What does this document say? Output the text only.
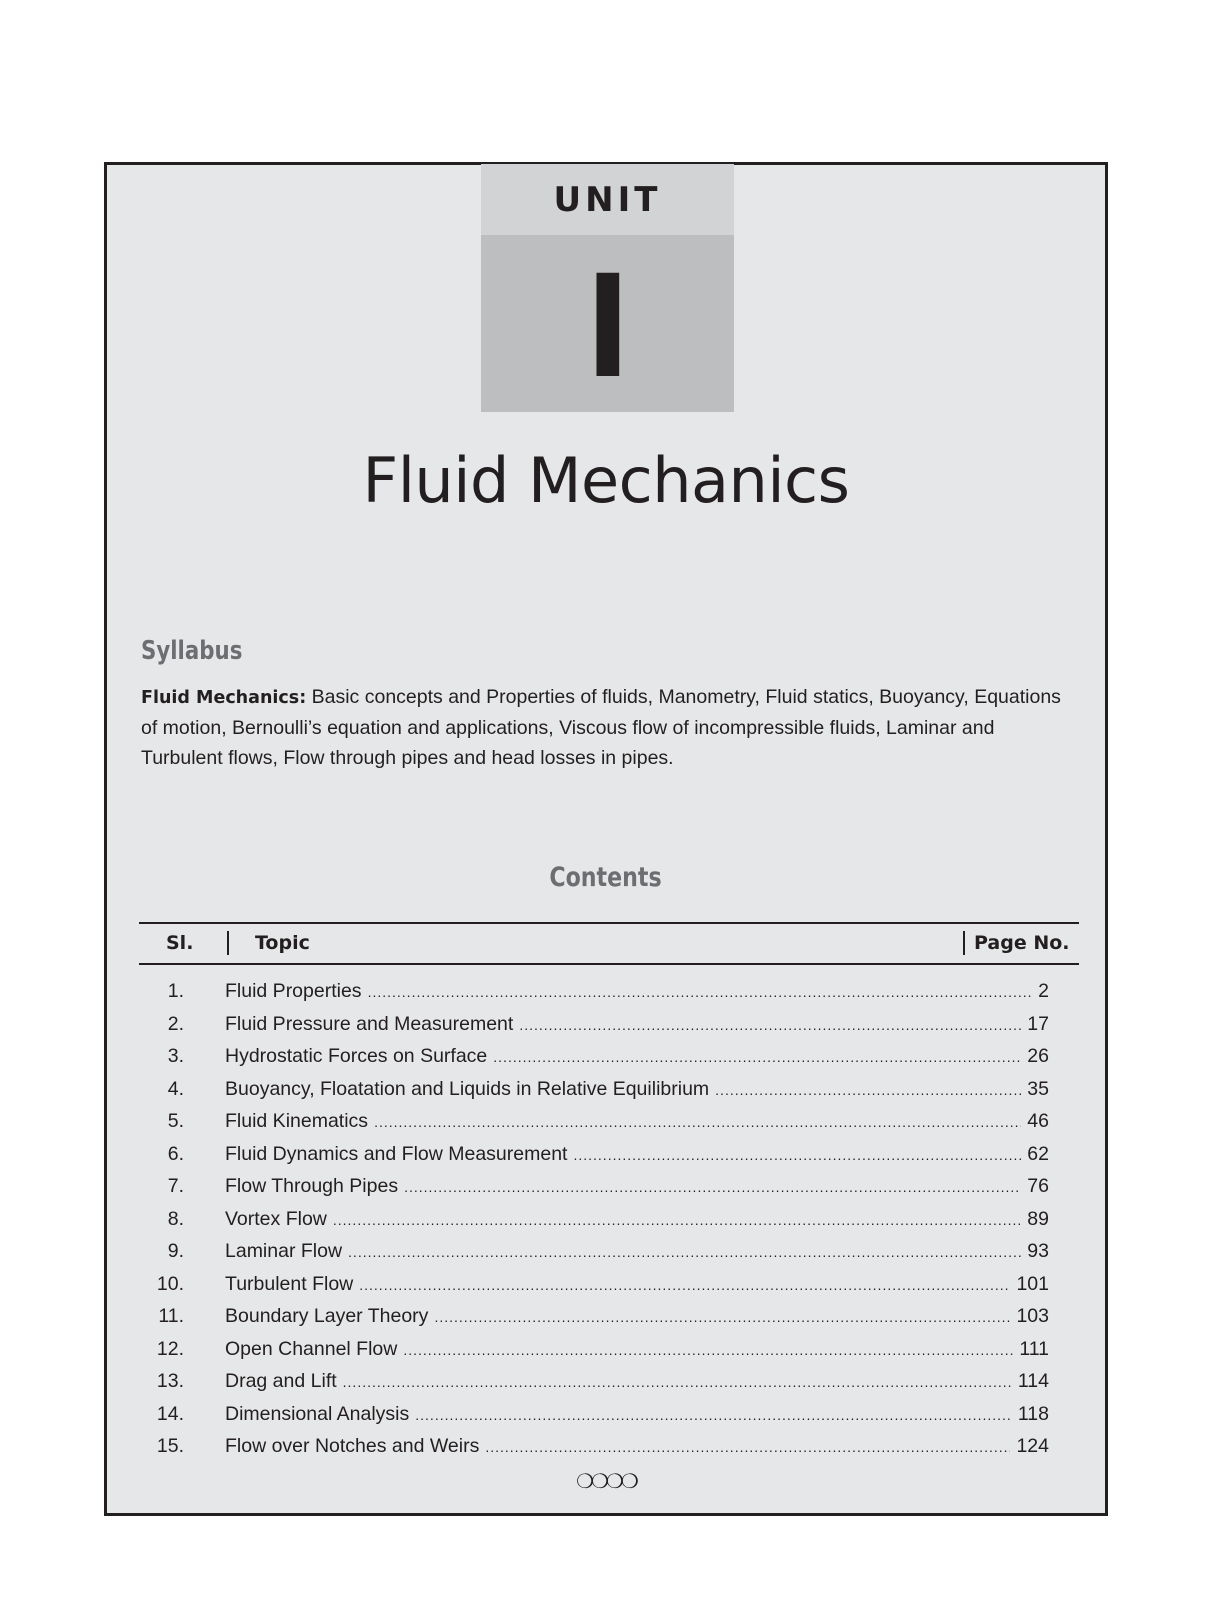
UNIT
I
Fluid Mechanics
Syllabus
Fluid Mechanics: Basic concepts and Properties of fluids, Manometry, Fluid statics, Buoyancy, Equations of motion, Bernoulli’s equation and applications, Viscous flow of incompressible fluids, Laminar and Turbulent flows, Flow through pipes and head losses in pipes.
Contents
Sl.	Topic	Page No.
1. Fluid Properties .....	2
2. Fluid Pressure and Measurement .....	17
3. Hydrostatic Forces on Surface .....	26
4. Buoyancy, Floatation and Liquids in Relative Equilibrium .....	35
5. Fluid Kinematics .....	46
6. Fluid Dynamics and Flow Measurement .....	62
7. Flow Through Pipes .....	76
8. Vortex Flow .....	89
9. Laminar Flow .....	93
10. Turbulent Flow .....	101
11. Boundary Layer Theory .....	103
12. Open Channel Flow .....	111
13. Drag and Lift .....	114
14. Dimensional Analysis .....	118
15. Flow over Notches and Weirs .....	124
❍❍❍❍
